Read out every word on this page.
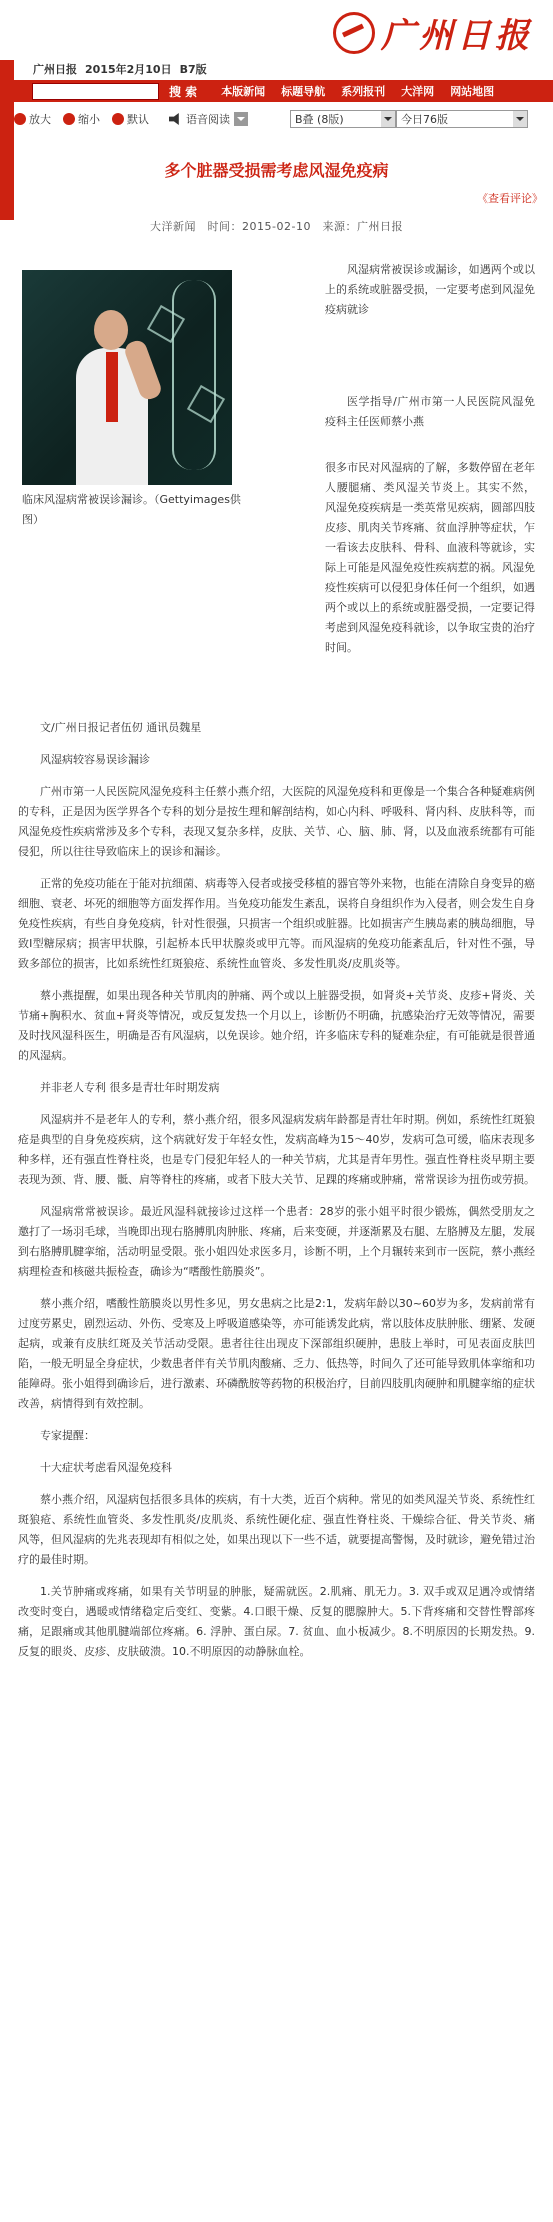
广州日报
广州日报 2015年2月10日 B7版
搜 索	本版新闻	标题导航	系列报刊	大洋网	网站地图
放大 缩小 默认	语音阅读	B叠 (8版)	今日76版
多个脏器受损需考虑风湿免疫病
《查看评论》
大洋新闻　时间：2015-02-10　来源：广州日报
临床风湿病常被误诊漏诊。（Gettyimages供
图）

风湿病常被误诊或漏诊，如遇两个或以上的系统或脏器受损，一定要考虑到风湿免疫病就诊

医学指导/广州市第一人民医院风湿免疫科主任医师蔡小燕

很多市民对风湿病的了解，多数停留在老年人腰腿痛、类风湿关节炎上。其实不然， 风湿免疫疾病是一类英常见疾病，圆部四肢皮疹、肌肉关节疼痛、贫血浮肿等症状，乍一看该去皮肤科、骨科、血液科等就诊，实际上可能是风湿免疫性疾病惹的祸。风湿免疫性疾病可以侵犯身体任何一个组织，如遇两个或以上的系统或脏器受损，一定要记得考虑到风湿免疫科就诊，以争取宝贵的治疗时间。

文/广州日报记者伍仞 通讯员魏星

风湿病较容易误诊漏诊

广州市第一人民医院风湿免疫科主任蔡小燕介绍，大医院的风湿免疫科和更像是一个集合各种疑难病例的专科，正是因为医学界各个专科的划分是按生理和解剖结构，如心内科、呼吸科、肾内科、皮肤科等，而风湿免疫性疾病常涉及多个专科，表现又复杂多样，皮肤、关节、心、脑、肺、肾，以及血液系统都有可能侵犯，所以往往导致临床上的误诊和漏诊。

正常的免疫功能在于能对抗细菌、病毒等入侵者或接受移植的器官等外来物，也能在清除自身变异的癌细胞、衰老、坏死的细胞等方面发挥作用。当免疫功能发生紊乱，误将自身组织作为入侵者，则会发生自身免疫性疾病，有些自身免疫病，针对性很强，只损害一个组织或脏器。比如损害产生胰岛素的胰岛细胞，导致Ⅰ型糖尿病；损害甲状腺，引起桥本氏甲状腺炎或甲亢等。而风湿病的免疫功能紊乱后，针对性不强，导致多部位的损害，比如系统性红斑狼疮、系统性血管炎、多发性肌炎/皮肌炎等。

蔡小燕提醒，如果出现各种关节肌肉的肿痛、两个或以上脏器受损，如肾炎+关节炎、皮疹+肾炎、关节痛+胸积水、贫血+肾炎等情况，或反复发热一个月以上，诊断仍不明确，抗感染治疗无效等情况，需要及时找风湿科医生，明确是否有风湿病，以免误诊。她介绍，许多临床专科的疑难杂症，有可能就是很普通的风湿病。

并非老人专利 很多是青壮年时期发病

风湿病并不是老年人的专利，蔡小燕介绍，很多风湿病发病年龄都是青壮年时期。例如，系统性红斑狼疮是典型的自身免疫疾病，这个病就好发于年轻女性，发病高峰为15～40岁，发病可急可缓，临床表现多种多样，还有强直性脊柱炎，也是专门侵犯年轻人的一种关节病，尤其是青年男性。强直性脊柱炎早期主要表现为颈、背、腰、骶、肩等脊柱的疼痛，或者下肢大关节、足踝的疼痛或肿痛，常常误诊为扭伤或劳损。

风湿病常常被误诊。最近风湿科就接诊过这样一个患者：28岁的张小姐平时很少锻炼，偶然受朋友之邀打了一场羽毛球，当晚即出现右胳膊肌肉肿胀、疼痛，后来变硬，并逐渐累及右腿、左胳膊及左腿，发展到右胳膊肌腱挛缩，活动明显受限。张小姐四处求医多月，诊断不明，上个月辗转来到市一医院，蔡小燕经病理检查和核磁共振检查，确诊为“嗜酸性筋膜炎”。

蔡小燕介绍，嗜酸性筋膜炎以男性多见，男女患病之比是2:1，发病年龄以30~60岁为多，发病前常有过度劳累史，剧烈运动、外伤、受寒及上呼吸道感染等，亦可能诱发此病，常以肢体皮肤肿胀、绷紧、发硬起病，或兼有皮肤红斑及关节活动受限。患者往往出现皮下深部组织硬肿，患肢上举时，可见表面皮肤凹陷，一般无明显全身症状，少数患者伴有关节肌肉酸痛、乏力、低热等，时间久了还可能导致肌体挛缩和功能障碍。张小姐得到确诊后，进行激素、环磷酰胺等药物的积极治疗，目前四肢肌肉硬肿和肌腱挛缩的症状改善，病情得到有效控制。

专家提醒：

十大症状考虑看风湿免疫科

蔡小燕介绍，风湿病包括很多具体的疾病，有十大类，近百个病种。常见的如类风湿关节炎、系统性红斑狼疮、系统性血管炎、多发性肌炎/皮肌炎、系统性硬化症、强直性脊柱炎、干燥综合征、骨关节炎、痛风等，但风湿病的先兆表现却有相似之处，如果出现以下一些不适，就要提高警惕，及时就诊，避免错过治疗的最佳时期。

1.关节肿痛或疼痛，如果有关节明显的肿胀，疑需就医。2.肌痛、肌无力。3. 双手或双足遇冷或情绪改变时变白，遇暖或情绪稳定后变红、变紫。4.口眼干燥、反复的腮腺肿大。5.下背疼痛和交替性臀部疼痛，足跟痛或其他肌腱端部位疼痛。6. 浮肿、蛋白尿。7. 贫血、血小板减少。8.不明原因的长期发热。9.反复的眼炎、皮疹、皮肤破溃。10.不明原因的动静脉血栓。
